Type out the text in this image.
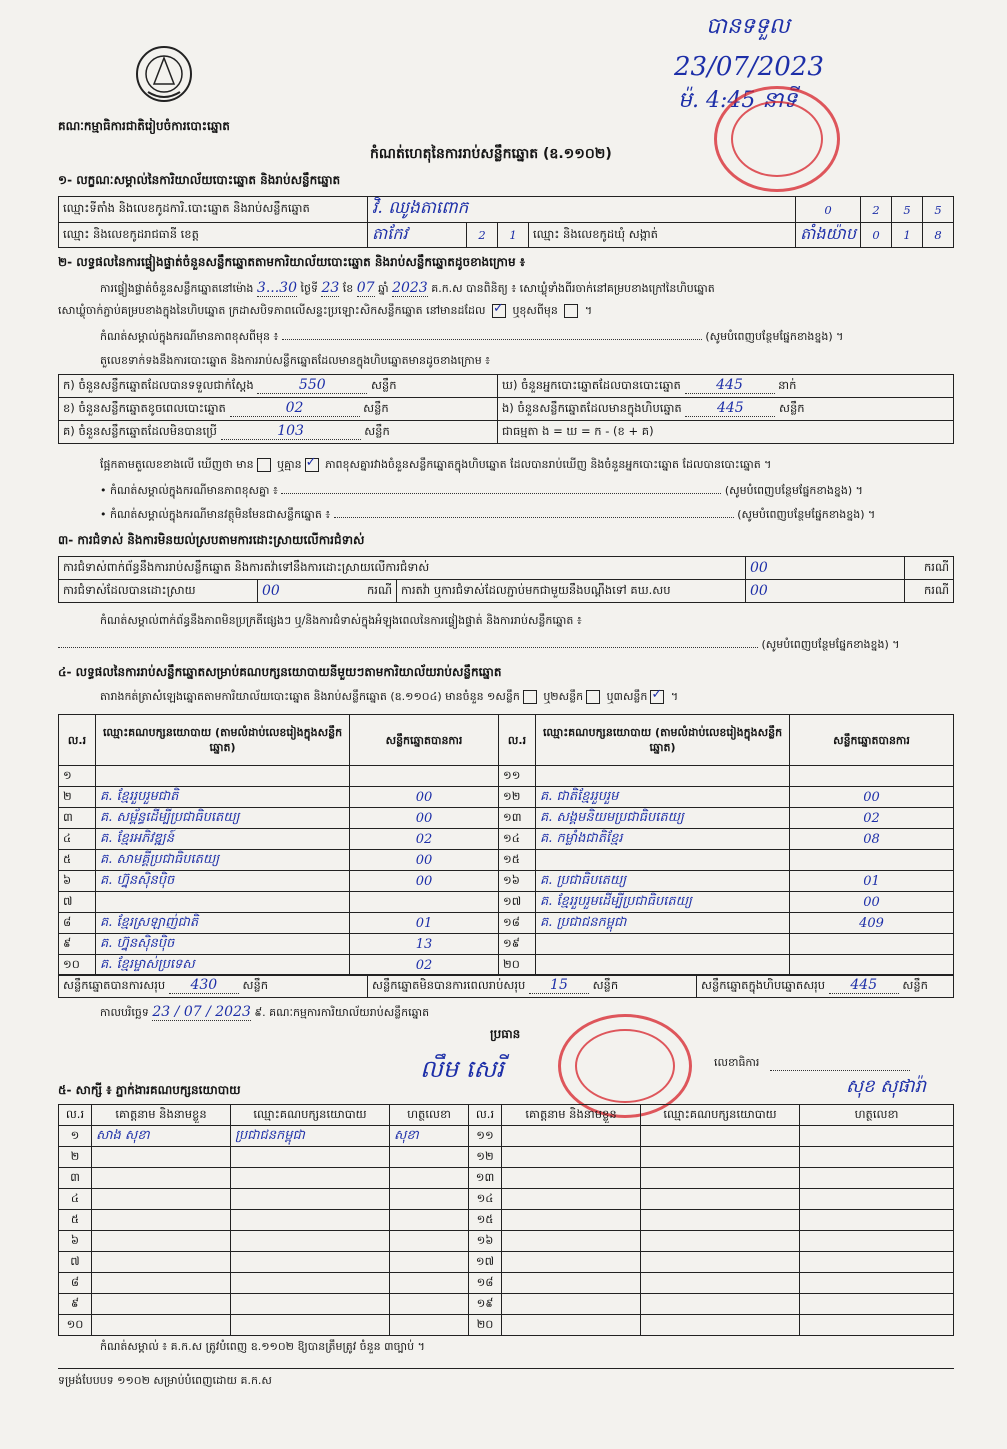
គណៈកម្មាធិការជាតិរៀបចំការបោះឆ្នោត
បានទទួល
23/07/2023
ម៉. 4:45 នាទី
កំណត់ហេតុនៃការរាប់សន្លឹកឆ្នោត (ឧ.១១០២)
១- លក្ខណៈសម្គាល់នៃការិយាល័យបោះឆ្នោត និងរាប់សន្លឹកឆ្នោត
ឈ្មោះទីតាំង និងលេខកូដការិ.បោះឆ្នោត និងរាប់សន្លឹកឆ្នោត	វិ. ឈូងតាពោក				0	2	5	5
ឈ្មោះ និងលេខកូដរាជធានី ខេត្ត	តាកែវ	2	1	ឈ្មោះ និងលេខកូដឃុំ សង្កាត់	តាំងយ៉ាប	0	1	8
២- លទ្ធផលនៃការផ្ទៀងផ្ទាត់ចំនួនសន្លឹកឆ្នោតតាមការិយាល័យបោះឆ្នោត និងរាប់សន្លឹកឆ្នោតដូចខាងក្រោម ៖
ការផ្ទៀងផ្ទាត់ចំនួនសន្លឹកឆ្នោតនៅម៉ោង 3...30 ថ្ងៃទី 23 ខែ 07 ឆ្នាំ 2023 គ.ក.ស បានពិនិត្យ ៖ សោឃ្លុំទាំងពីរចាក់នៅគម្របខាងក្រៅនៃហិបឆ្នោត
សោឃ្លុំចាក់ភ្ជាប់គម្របខាងក្នុងនៃហិបឆ្នោត ក្រដាសបិទភាពលើសន្ទះប្រឡោះសិកសន្លឹកឆ្នោត នៅមានដដែល ✓ ឬខុសពីមុន  ។
កំណត់សម្គាល់ក្នុងករណីមានភាពខុសពីមុន ៖	(សូមបំពេញបន្ថែមផ្នែកខាងខ្នង) ។
តួលេខទាក់ទងនឹងការបោះឆ្នោត និងការរាប់សន្លឹកឆ្នោតដែលមានក្នុងហិបឆ្នោតមានដូចខាងក្រោម ៖
ក) ចំនួនសន្លឹកឆ្នោតដែលបានទទួលជាក់ស្តែង 550 សន្លឹក	ឃ) ចំនួនអ្នកបោះឆ្នោតដែលបានបោះឆ្នោត 445 នាក់
ខ) ចំនួនសន្លឹកឆ្នោតខូចពេលបោះឆ្នោត 02 សន្លឹក	ង) ចំនួនសន្លឹកឆ្នោតដែលមានក្នុងហិបឆ្នោត 445 សន្លឹក
គ) ចំនួនសន្លឹកឆ្នោតដែលមិនបានប្រើ 103 សន្លឹក	ជាធម្មតា ង = ឃ = ក - (ខ + គ)
ផ្អែកតាមតួលេខខាងលើ ឃើញថា មាន ឬគ្មាន ✓ ភាពខុសគ្នារវាងចំនួនសន្លឹកឆ្នោតក្នុងហិបឆ្នោត ដែលបានរាប់ឃើញ និងចំនួនអ្នកបោះឆ្នោត ដែលបានបោះឆ្នោត ។
• កំណត់សម្គាល់ក្នុងករណីមានភាពខុសគ្នា ៖	(សូមបំពេញបន្ថែមផ្នែកខាងខ្នង) ។
• កំណត់សម្គាល់ក្នុងករណីមានវត្ថុមិនមែនជាសន្លឹកឆ្នោត ៖	(សូមបំពេញបន្ថែមផ្នែកខាងខ្នង) ។
៣- ការជំទាស់ និងការមិនយល់ស្របតាមការដោះស្រាយលើការជំទាស់
ការជំទាស់ពាក់ព័ន្ធនឹងការរាប់សន្លឹកឆ្នោត និងការតវ៉ាទៅនឹងការដោះស្រាយលើការជំទាស់			00	ករណី
ការជំទាស់ដែលបានដោះស្រាយ	00 ករណី	ការតវ៉ា ឬការជំទាស់ដែលភ្ជាប់មកជាមួយនឹងបណ្តឹងទៅ គឃ.សប	00	ករណី
កំណត់សម្គាល់ពាក់ព័ន្ធនឹងភាពមិនប្រក្រតីផ្សេងៗ ឬ/និងការជំទាស់ក្នុងអំឡុងពេលនៃការផ្ទៀងផ្ទាត់ និងការរាប់សន្លឹកឆ្នោត ៖
(សូមបំពេញបន្ថែមផ្នែកខាងខ្នង) ។
៤- លទ្ធផលនៃការរាប់សន្លឹកឆ្នោតសម្រាប់គណបក្សនយោបាយនីមួយៗតាមការិយាល័យរាប់សន្លឹកឆ្នោត
តារាងកត់ត្រាសំឡេងឆ្នោតតាមការិយាល័យបោះឆ្នោត និងរាប់សន្លឹកឆ្នោត (ឧ.១១០៤) មានចំនួន ១សន្លឹក ឬ២សន្លឹក ឬ៣សន្លឹក✓ ។
ល.រ	ឈ្មោះគណបក្សនយោបាយ (តាមលំដាប់លេខរៀងក្នុងសន្លឹកឆ្នោត)	សន្លឹកឆ្នោតបានការ	ល.រ	ឈ្មោះគណបក្សនយោបាយ (តាមលំដាប់លេខរៀងក្នុងសន្លឹកឆ្នោត)	សន្លឹកឆ្នោតបានការ
១			១១		
២	គ. ខ្មែររួបរួមជាតិ	00	១២	គ. ជាតិខ្មែររួបរួម	00
៣	គ. សម្ព័ន្ធដើម្បីប្រជាធិបតេយ្យ	00	១៣	គ. សង្គមនិយមប្រជាធិបតេយ្យ	02
៤	គ. ខ្មែរអភិវឌ្ឍន៍	02	១៤	គ. កម្លាំងជាតិខ្មែរ	08
៥	គ. សាមគ្គីប្រជាធិបតេយ្យ	00	១៥		
៦	គ. ហ្វ៊ុនស៊ិនប៉ិច	00	១៦	គ. ប្រជាធិបតេយ្យ	01
៧			១៧	គ. ខ្មែររួបរួមដើម្បីប្រជាធិបតេយ្យ	00
៨	គ. ខ្មែរស្រឡាញ់ជាតិ	01	១៨	គ. ប្រជាជនកម្ពុជា	409
៩	គ. ហ្វ៊ុនស៊ិនប៉ិច	13	១៩		
១០	គ. ខ្មែរម្ចាស់ប្រទេស	02	២០		
សន្លឹកឆ្នោតបានការសរុប 430 សន្លឹក	សន្លឹកឆ្នោតមិនបានការពេលរាប់សរុប 15 សន្លឹក	សន្លឹកឆ្នោតក្នុងហិបឆ្នោតសរុប 445 សន្លឹក
កាលបរិច្ឆេទ 23 / 07 / 2023 ៩. គណៈកម្មការការិយាល័យរាប់សន្លឹកឆ្នោត
ប្រធាន
លឹម សេរី	លេខាធិការ
សុខ សុផារ៉ា
៥- សាក្សី ៖ ភ្នាក់ងារគណបក្សនយោបាយ
ល.រ	គោត្តនាម និងនាមខ្លួន	ឈ្មោះគណបក្សនយោបាយ	ហត្ថលេខា	ល.រ	គោត្តនាម និងនាមខ្លួន	ឈ្មោះគណបក្សនយោបាយ	ហត្ថលេខា
១	សាង សុខា	ប្រជាជនកម្ពុជា	សុខា	១១			
២				១២			
៣				១៣			
៤				១៤			
៥				១៥			
៦				១៦			
៧				១៧			
៨				១៨			
៩				១៩			
១០				២០			
កំណត់សម្គាល់ ៖ គ.ក.ស ត្រូវបំពេញ ឧ.១១០២ ឱ្យបានត្រឹមត្រូវ ចំនួន ៣ច្បាប់ ។
ទម្រង់បែបបទ ១១០២ សម្រាប់បំពេញដោយ គ.ក.ស
